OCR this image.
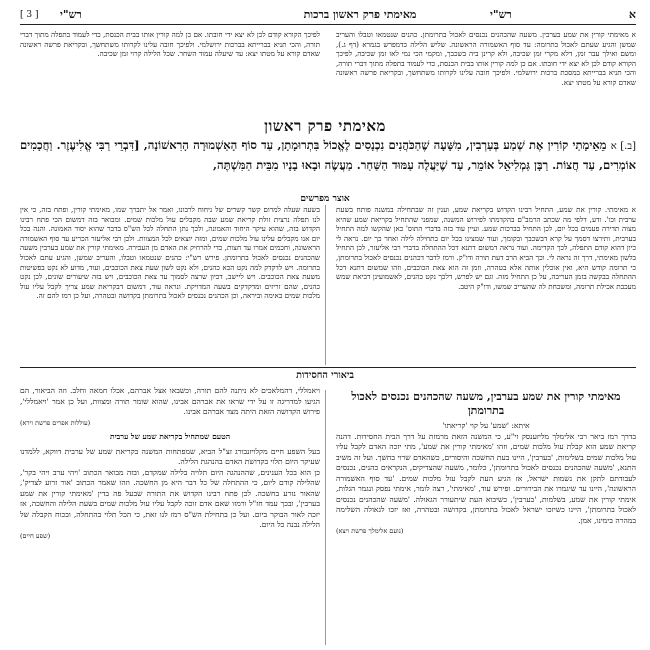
[ 3 ] רש"י	מאימתי פרק ראשון ברכות	רש"י	א
א מאימתי קורין את שמע בערבין. משעה שהכהנים נכנסים לאכול בתרומתן. כהנים שנטמאו וטבלו והעריב שמשן והגיע שעתם לאכול בתרומה: עד סוף האשמורה הראשונה. שליש הלילה כדמפרש בגמרא (דף ג.), ומשם ואילך עבר זמן, דלא מקרי זמן שכיבה, ולא קרינן ביה בשכבך, ומקמי הכי נמי לאו זמן שכיבה, לפיכך הקורא קודם לכן לא יצא ידי חובתו. אם כן למה קורין אותו בבית הכנסת, כדי לעמוד בתפלה מתוך דברי תורה, והכי תניא בברייתא במסכת ברכות ירושלמי. ולפיכך חובה עלינו לקרותו משתחשך, ובקריאת פרשה ראשונה שאדם קורא על מטתו יצא.
לפיכך הקורא קודם לכן לא יצא ידי חובתו. אם כן למה קורין אותו בבית הכנסת, כדי לעמוד בתפלה מתוך דברי תורה, והכי תניא בברייתא בברכות ירושלמי. ולפיכך חובה עלינו לקרותו משתחשך, ובקריאת פרשה ראשונה שאדם קורא על מטתו יצא: עד שיעלה עמוד השחר. שכל הלילה קרוי זמן שכיבה.
מאימתי פרק ראשון
[ב.] א מֵאֵימָתַי קוֹרִין אֶת שְׁמַע בְּעַרְבִין, מִשָּׁעָה שֶׁהַכֹּהֲנִים נִכְנָסִים לֶאֱכוֹל בִּתְרוּמָתָן, עַד סוֹף הָאַשְׁמוּרָה הָרִאשׁוֹנָה, [דִּבְרֵי רַבִּי אֱלִיעֶזֶר. וַחֲכָמִים אוֹמְרִים, עַד חֲצוֹת. רַבָּן גַּמְלִיאֵל אוֹמֵר, עַד שֶׁיַּעֲלֶה עַמּוּד הַשַּׁחַר. מַעֲשֶׂה וּבָאוּ בָנָיו מִבֵּית הַמִּשְׁתֶּה,
אוצר מפרשים
א מאימתי. קורין את שמע, התחיל רבינו הקדוש בקריאת שמע, וענין זה שבתחילה במשנה פותח בשעת ערבית וכו'. ודע, דלפי מה שכתב הרמב"ם בהקדמתו לפירוש המשנה, שמפני שהתחיל בקריאת שמע שהיא מצוה תדירה פעמים בכל יום, לכן התחיל בברכות שמע. ועיין עוד בזה בדברי התוס' כאן שהקשו למה התחיל בערבית, ותירצו דסמך על קרא דבשכבך ובקומך, ועוד שמצינו בכל יום בתחילה לילה ואחר כך יום. נראה לי כיון דהוא קודם התפלה, לכך הקדימה. ועוד נראה דמשום דתנא דכל ההתחלה בדברי רבי אליעזר, לכן התחיל בלשון מאימתי, דרך זה נראה לי. וכך הביא הרב דעת תורה ודו"ק. ורמז לדבר דכהנים נכנסים לאכול בתרומתן, כי תרומה קודש היא, ואין אוכלין אותה אלא בטהרה, וזמן זה הוא צאת הכוכבים, וזהו שמשום דתנא דכל ההתחלה בבקשה בזמן העריבה, על כן התחיל מזה. וגם יש לפרש, דלכך נקט כהנים, לאשמועינן דביאת שמש מעכבת אכילת תרומה, ומשכחת לה שהעריב שמשו, ודו"ק היטב.
בשעה שעלה למרום קשר קשרים של ניחוח לרבונו, ואמר אל יתברך שמו, מאימתי קורין, ופתח בזה, כי אין לנו תפלה נרצית זולת קריאת שמע שבה מקבלים עול מלכות שמים. ומבואר בזה דמשום הכי פתח רבינו הקדוש בזה, שהוא עיקר היחוד והאמונה, ולכך נתן התחלה לכל הש"ס בדבר שהוא יסוד האמונה. והנה בכל יום אנו מקבלים עלינו עול מלכות שמים, ומזה יוצאים לכל המצוות. ולכן רבי אליעזר הכריע עד סוף האשמורה הראשונה, וחכמים אמרו עד חצות, כדי להרחיק את האדם מן העבירה. מאימתי קורין את שמע בערבין משעה שהכהנים נכנסים לאכול בתרומתן. פירש רש"י: כהנים שנטמאו וטבלו, והעריב שמשן, והגיע עתם לאכול בתרומה. ויש לדקדק למה נקט הכא כהנים, ולא נקט לשון שעת צאת הכוכבים, ועוד, מדוע לא נקט בפשיטות משעת צאת הכוכבים. ויש ליישב, דכיון שרצה לסמוך עד צאת הכוכבים, ויש בזה שיעורים שונים, לכן נקט כהנים, שהם זריזים ומדקדקים בשעה המדויקת. ונראה עוד, דמשום דבקריאת שמע צריך לקבל עליו עול מלכות שמים באימה וביראה, וכן הכהנים נכנסים לאכול בתרומתן בקדושה ובטהרה, ועל כן רמז להם זה.
ביאורי החסידות
מאימתי קורין את שמע בערבין, משעה שהכהנים נכנסים לאכול בתרומתן
איתא: 'שמע' על קוי 'קריאתו'
בדרך רמז ביאר רבי אלימלך מליזענסק זי"ע, כי המשנה הזאת מרמזת על דרך הבית החסידות. דהנה קריאת שמע הוא קבלת עול מלכות שמים, וזהו 'מאימתי קורין את שמע', מתי יזכה האדם לקבל עליו עול מלכות שמים בשלימות, 'בערבין', היינו בעת החשכה והיסורים, כשהאדם שרוי בחשך. ועל זה משיב התנא, 'משעה שהכהנים נכנסים לאכול בתרומתן', כלומר, משעה שהצדיקים, הנקראים כהנים, נכנסים לעבודתם לתקן את נשמות ישראל, אז הגיע העת לקבל עול מלכות שמים. 'עד סוף האשמורה הראשונה', היינו עד שיגמרו את הבירורים. ופירש עוד, 'מאימתי', רצה לומר, אימתי נפסק ונגמר הגלות, אימתי קורין את שמע, בשלמות, 'בערבין', כשיבוא העת שיתעורר הגאולה. 'משעה שהכהנים נכנסים לאכול בתרומתן', היינו כשיזכו ישראל לאכול בתרומתן, בקדושה ובטהרה, ואז יזכו לגאולה השלימה במהרה בימינו, אמן.
(נועם אלימלך פרשת ויצא)
ויאמללי, דהמלאכים לא ניתנה להם תורה, וכשבאו אצל אברהם, אכלו חמאה וחלב. וזה הביאור, הם הגיעו למדריגה זו על ידי שראו את אברהם אבינו, שהוא שומר תורה ומצוות, ועל כן אמר 'ויאמללי', פירוש הקדושה הזאת היתה מצד אברהם אבינו.
(עוללות אפרים פרשת וירא)
הטעם שמתחיל בקריאת שמע של ערבית
בעל השפע חיים מקלויזנבורג זצ"ל הביא, שמפתחות המשנה בקריאת שמע של ערבית דווקא, ללמדנו שעיקר היום תלוי בקדושת האדם בהנהגת הלילה.
כן הוא בכל הענינים, שההנהגה היום תלויה בלילה שמקדם, ובזה מבואר הכתוב 'ויהי ערב ויהי בקר', שהלילה קודם ליום, כי ההתחלה של כל דבר היא מן החשכה. וזהו שאמר הכתוב 'אור זרוע לצדיק', שהאור נזרע בחשכה. לכן פתח רבינו הקדוש את התורה שבעל פה בדין 'מאימתי קורין את שמע בערבין', ובכך עמד חז"ל ורמזו שאם אדם זוכה לקבל עליו עול מלכות שמים בשעת הלילה והחשכה, אז יזכה לאור הבוקר ביום. ועל כן בתחילת הש"ס רמז לנו זאת, כי הכל תלוי בהתחלה, ובכוח הקבלה של הלילה נבנה כל היום.
(שפע חיים)
